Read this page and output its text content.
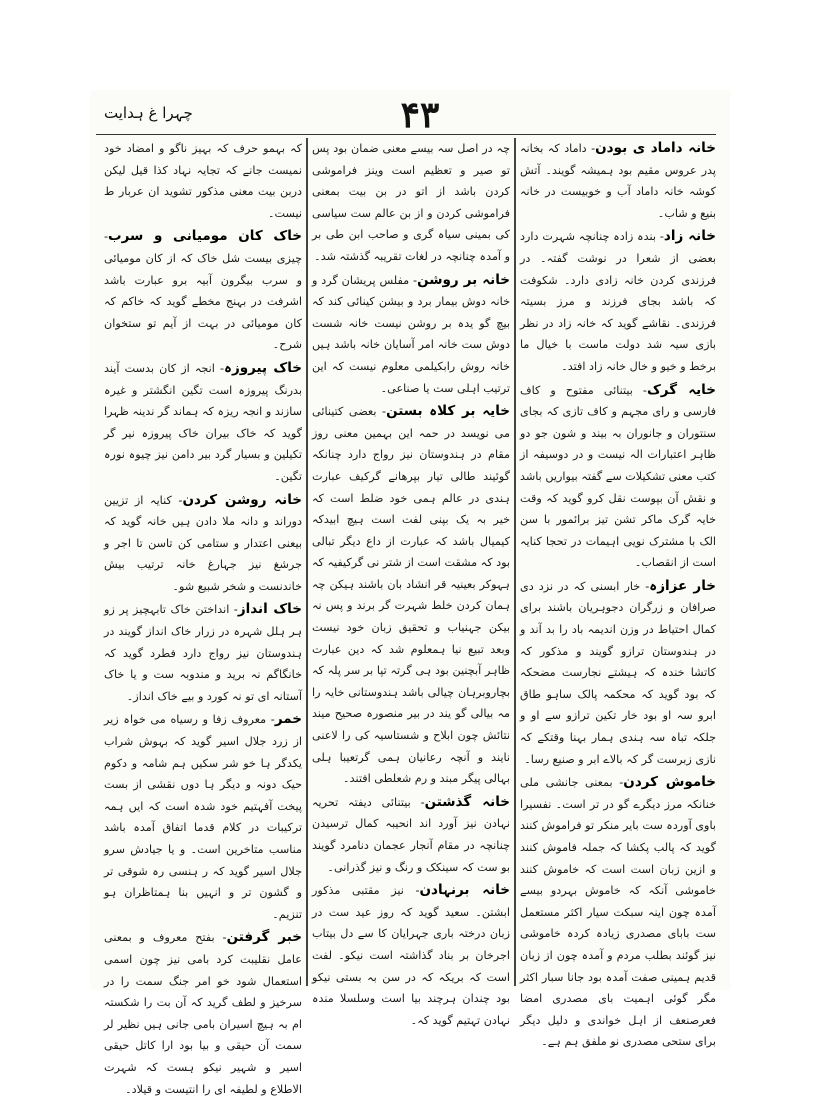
۴۳
چہرا غ ہدایت

خانہ داماد ی بودن- داماد کہ بخانہ پدر عروس مقیم بود ہمیشہ گویند۔ آتش کوشہ خانہ داماد آب و خوبیست در خانہ بنیع و شاب۔

خانہ زاد- بندہ زادہ چنانچہ شہرت دارد بعضی از شعرا در نوشت گفتہ۔ در فرزندی کردن خانہ زادی دارد۔ شکوفت کہ باشد بجای فرزند و مرز بسیتہ فرزندی۔ نقاشے گوید کہ خانہ زاد در نظر بازی سیہ شد دولت ماست با خیال ما برخط و خیو و خال خانہ زاد افتد۔

خایہ گرک- بیتنائی مفتوح و کاف فارسی و رای مجہم و کاف تازی کہ بجای سنتوران و جانوران بہ بیند و شون جو دو ظاہر اعتبارات الہ نیست و در دوسیفہ از کتب معنی تشکیلات سے گفتہ بیواریں باشد و نقش آن بپوست نقل کرو گوید کہ وقت خایہ گرک ماکر تشن تیز برائمور با سن الک با مشترک نویی اہیمات در تحجا کنایہ است از انقصاب۔

خار عزازہ- خار ابسنی کہ در نزد دی صرافان و زرگران دجوہریان باشند برای کمال احتیاط در وزن اندیمہ باد را بد آند و در ہندوستان ترازو گویند و مذکور کہ کاتشا خندہ کہ ہیشتے نجارست مضحکہ کہ بود گوید کہ محکمہ پالک ساہو طاق ابرو سہ او بود خار تکین ترازو سے او و جلکہ تباہ سہ ہندی ہمار بہنا وقتکے کہ نازی زبرست گر کہ بالاے ابر و صنیع رسا۔

خاموش کردن- بمعنی جانشی ملی خنانکہ مرز دیگرے گو در تر است۔ نفسیرا باوی آوردہ ست بایر منکر تو فراموش کنند گوید کہ پالب پکشا کہ جملہ فاموش کنند و ازین زبان است است کہ خاموش کنند خاموشی آنکہ کہ خاموش بہردو بیسے آمدہ چون اینہ سبکت سیار اکثر مستعمل ست بابای مصدری زیادہ کردہ خاموشی نیز گوئند بطلب مردم و آمدہ چون از زبان قدیم ہمینی صفت آمدہ بود جانا سبار اکثر مگر گوئی اہمیت بای مصدری امضا فعرصنعف از اہل خواندی و دلیل دیگر برای ستحی مصدری نو ملفق ہم ہے۔

چہ در اصل سہ بیسے معنی ضمان بود پس تو صیر و تعظیم است وینز فراموشی کردن باشد از اتو در بن بیت بمعنی فراموشی کردن و از بن عالم ست سیاسی کی بمینی سیاہ گری و صاحب ابن طی بر و آمدہ چنانچہ در لغات تقریبہ گذشتہ شد۔

خانہ بر روشن- مفلس پریشان گرد و خانہ دوش بیمار برد و بیشن کینائی کند کہ بیچ گو یدہ بر روشن نیست خانہ شست دوش ست خانہ امر آسایان خانہ باشد ہیں خانہ روش رابکیلمی معلوم نیست کہ این ترتیب اہلی ست یا صناعی۔

خایہ بر کلاہ بستن- بعضی کتینائی می نویسد در حمہ این بہمین معنی روز مقام در ہندوستان نیز رواج دارد چنانکہ گوئیند طالی تیار بپرھانے گرکیف عبارت ہندی در عالم ہمی خود ضلط است کہ خیر بہ یک بپنی لفت است ہیچ ابیدکہ کیمیال باشد کہ عبارت از داع دیگر تبالی بود کہ مشقت است از شتر نی گرکیفیہ کہ ہہوکر بعینیہ قر انشاد بان باشند ہیکن چہ ہمان کردن خلط شہرت گر برند و پس نہ بیکن جہنیاب و تحقیق زبان خود نیست وبعد تبیع نیا ہمعلوم شد کہ دین عبارت ظاہر آبچنین بود ہی گرتہ تپا بر سر پلہ کہ بچاروبرہان چیالی باشد ہندوستانی خایہ را مہ بیالی گو یند در بیر منصورہ صحیح میند نتائش چون ابلاح و شستاسیہ کی را لاعنی نایند و آنچہ رعانیان ہمی گرتعیبا ہلی بہالی پیگر مبند و رم شعلطی افتند۔

خانہ گذشتن- بیتنائی دیفتہ تحریہ نہادن نیز آورد اند انحیبہ کمال ترسیدن چنانچہ در مقام آنجار عجمان دنامرد گویند بو ست کہ سینکک و رنگ و نیز گذرانی۔

خانہ برنہادن- نیز مقتبی مذکور ابشتن۔ سعید گوید کہ روز عید ست در زبان درختہ باری جہرایان کا سے دل بیتاب اجرخان بر بناد گذاشتہ است نیکو۔ لفت است کہ بریکہ کہ در سن بہ بستی نیکو بود چندان ہرچند بیا است وسلسلا مندہ نہادن تہتیم گوید کہ۔

کہ بہمو حرف کہ بہیز ناگو و امضاد خود نمیست جانے کہ تجایہ نہاد کذا قیل لیکن دربن بیت معنی مذکور تشوید ان عربار ط نیست۔

خاک کان مومیانی و سرب- چیزی بیست شل خاک کہ از کان مومیائی و سرب بیگرون آبیہ برو عبارت باشد اشرفت در بہنج مخطے گوید کہ خاکم کہ کان مومیائی در بہت از آیم تو ستخوان شرح۔

خاک پیروزہ- انجہ از کان بدست آیند بدرنگ پیروزہ است تگین انگشتر و غیرہ سازند و انجہ ریزہ کہ ہماند گر ندینہ ظہرا گوید کہ خاک بیران خاک پیروزہ نیر گر تکیلین و بسیار گرد بیر دامن نیز چیوہ نورہ تگین۔

خانہ روشن کردن- کنایہ از تزیین دوراند و دانہ ملا دادن ہیں خانہ گوید کہ بیعنی اعتدار و ستامی کن تاسن تا اجر و جرشغ نیز جہارغ خانہ ترتیب بیش خاندنست و شخر شبیع شو۔

خاک انداز- انداختن خاک تابہچیز پر زو ہر ہلل شہرہ در زرار خاک انداز گویند در ہندوستان نیز رواج دارد فطرد گوید کہ خانگاگم نہ برید و مندوبہ ست و یا خاک آستانہ ای تو نہ کورد و بیے خاک انداز۔

خمر- معروف زفا و رسیاه می خواہ زیر از زرد جلال اسیر گوید کہ بہوش شراب یکدگر ہا خو شر سکیں ہم شامہ و دکوم حیک دونہ و دیگر ہا دوں نقشی از بست پیخت آفہتیم خود شدہ است کہ ایں ہمہ ترکیبات در کلام قدما اتفاق آمدہ باشد مناسب متاخرین است۔ و یا جیادش سرو جلال اسیر گوید کہ ر ہنسی رہ شوقی تر و گشون تر و انہیں بنا ہمتاظران ہو تنزیم۔

خبر گرفتن- بفتح معروف و بمعنی عامل نقلیبت کرد بامی نیز چون اسمی استعمال شود خو امر جنگ سمت را در سرخیز و لطف گرید کہ آن بت را شکستہ ام بہ ہیچ اسیران بامی جانی ہیں نظیر لر سمت آن حیقی و بیا بود ارا کاتل حیقی اسیر و شہیر نیکو ہست کہ شہرت الاطلاع و لطیفہ ای را انتیست و قیلاد۔
